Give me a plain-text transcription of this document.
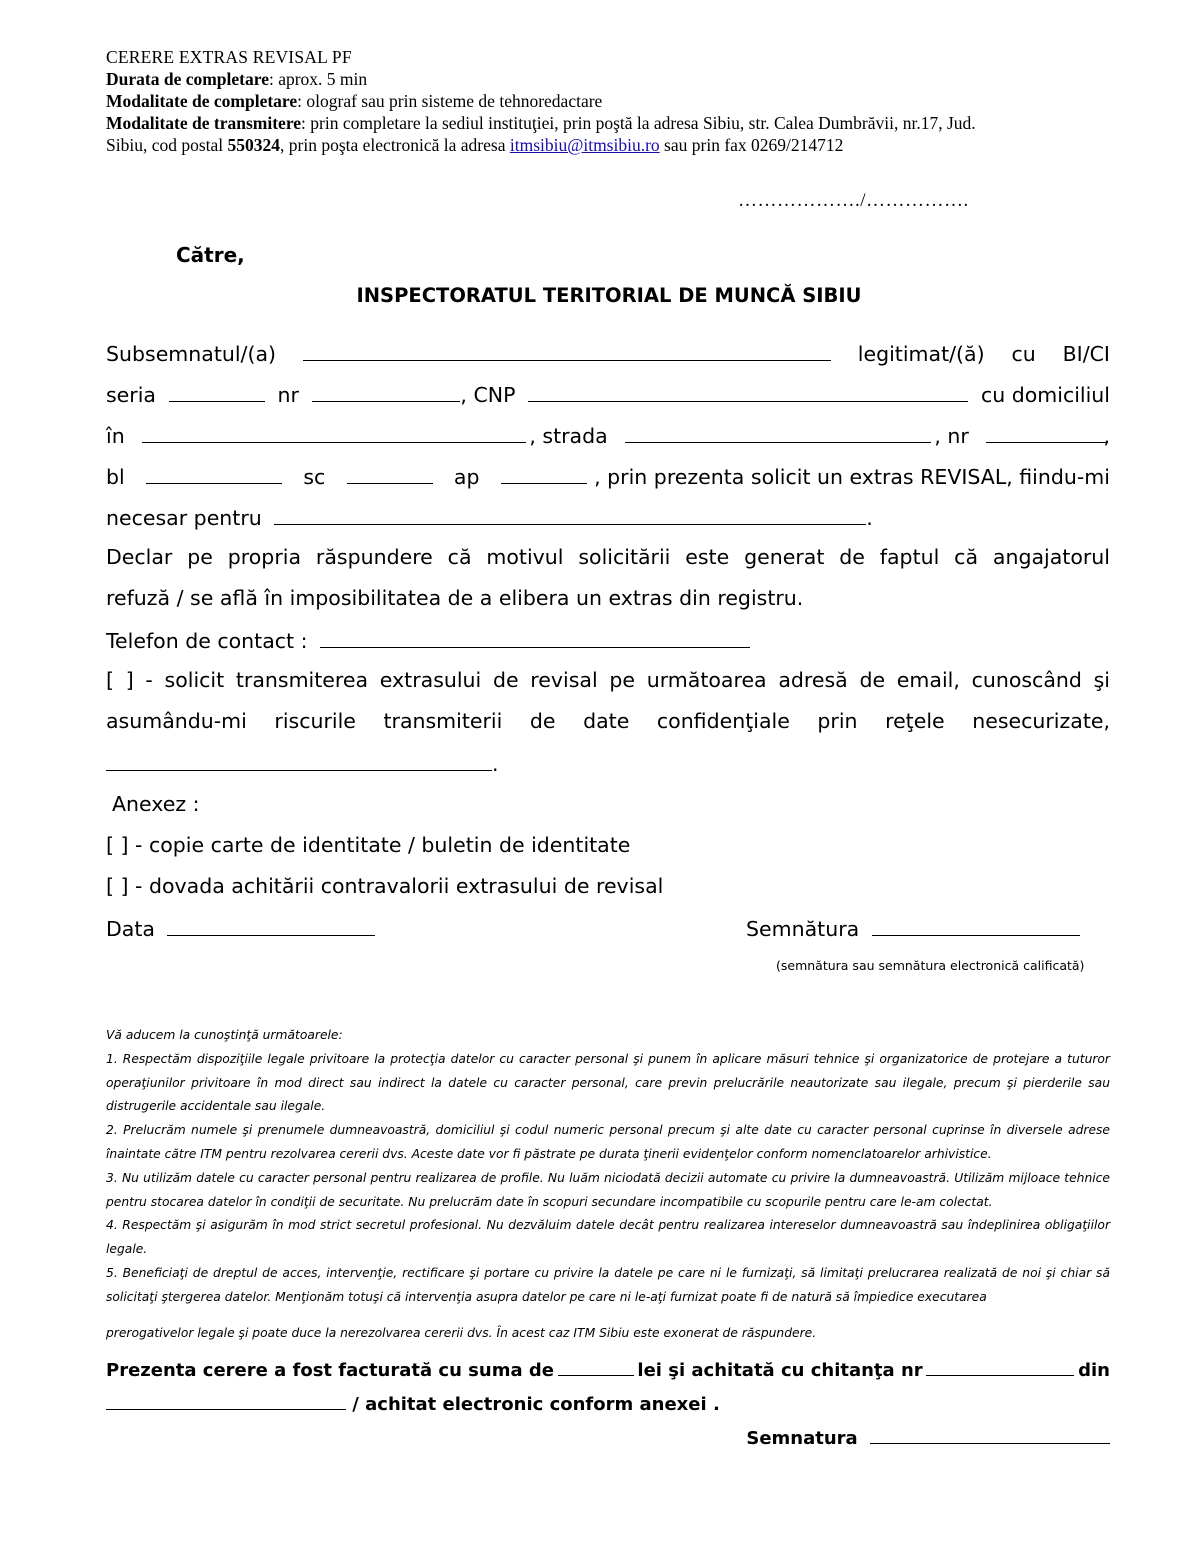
CERERE EXTRAS REVISAL PF
Durata de completare: aprox. 5 min
Modalitate de completare: olograf sau prin sisteme de tehnoredactare
Modalitate de transmitere: prin completare la sediul instituţiei, prin poştă la adresa Sibiu, str. Calea Dumbrăvii, nr.17, Jud.
Sibiu, cod postal 550324, prin poşta electronică la adresa itmsibiu@itmsibiu.ro sau prin fax 0269/214712
………………./…………….
Către,
INSPECTORATUL TERITORIAL DE MUNCĂ SIBIU
Subsemnatul/(a)	legitimat/(ă) cu BI/CI
seria	nr	, CNP	cu domiciliul
în	, strada	, nr	,
bl	sc	ap	, prin prezenta solicit un extras REVISAL, fiindu-mi
necesar pentru	.
Declar pe propria răspundere că motivul solicitării este generat de faptul că angajatorul
refuză / se află în imposibilitatea de a elibera un extras din registru.
Telefon de contact :
[ ] - solicit transmiterea extrasului de revisal pe următoarea adresă de email, cunoscând şi
asumându-mi riscurile transmiterii de date confidenţiale prin reţele nesecurizate,
.
Anexez :
[ ] - copie carte de identitate / buletin de identitate
[ ] - dovada achitării contravalorii extrasului de revisal
Data	Semnătura
(semnătura sau semnătura electronică calificată)

Vă aducem la cunoştinţă următoarele:

1. Respectăm dispoziţiile legale privitoare la protecţia datelor cu caracter personal şi punem în aplicare măsuri tehnice şi organizatorice de protejare a tuturor operaţiunilor privitoare în mod direct sau indirect la datele cu caracter personal, care previn prelucrările neautorizate sau ilegale, precum şi pierderile sau distrugerile accidentale sau ilegale.

2. Prelucrăm numele şi prenumele dumneavoastră, domiciliul şi codul numeric personal precum şi alte date cu caracter personal cuprinse în diversele adrese înaintate către ITM pentru rezolvarea cererii dvs. Aceste date vor fi păstrate pe durata ţinerii evidenţelor conform nomenclatoarelor arhivistice.

3. Nu utilizăm datele cu caracter personal pentru realizarea de profile. Nu luăm niciodată decizii automate cu privire la dumneavoastră. Utilizăm mijloace tehnice pentru stocarea datelor în condiţii de securitate. Nu prelucrăm date în scopuri secundare incompatibile cu scopurile pentru care le-am colectat.

4. Respectăm şi asigurăm în mod strict secretul profesional. Nu dezvăluim datele decât pentru realizarea intereselor dumneavoastră sau îndeplinirea obligaţiilor legale.

5. Beneficiaţi de dreptul de acces, intervenţie, rectificare şi portare cu privire la datele pe care ni le furnizaţi, să limitaţi prelucrarea realizată de noi şi chiar să solicitaţi ştergerea datelor. Menţionăm totuşi că intervenţia asupra datelor pe care ni le-aţi furnizat poate fi de natură să împiedice executarea

prerogativelor legale şi poate duce la nerezolvarea cererii dvs. În acest caz ITM Sibiu este exonerat de răspundere.

Prezenta cerere a fost facturată cu suma de	lei şi achitată cu chitanţa nr	din
/ achitat electronic conform anexei .
Semnatura
